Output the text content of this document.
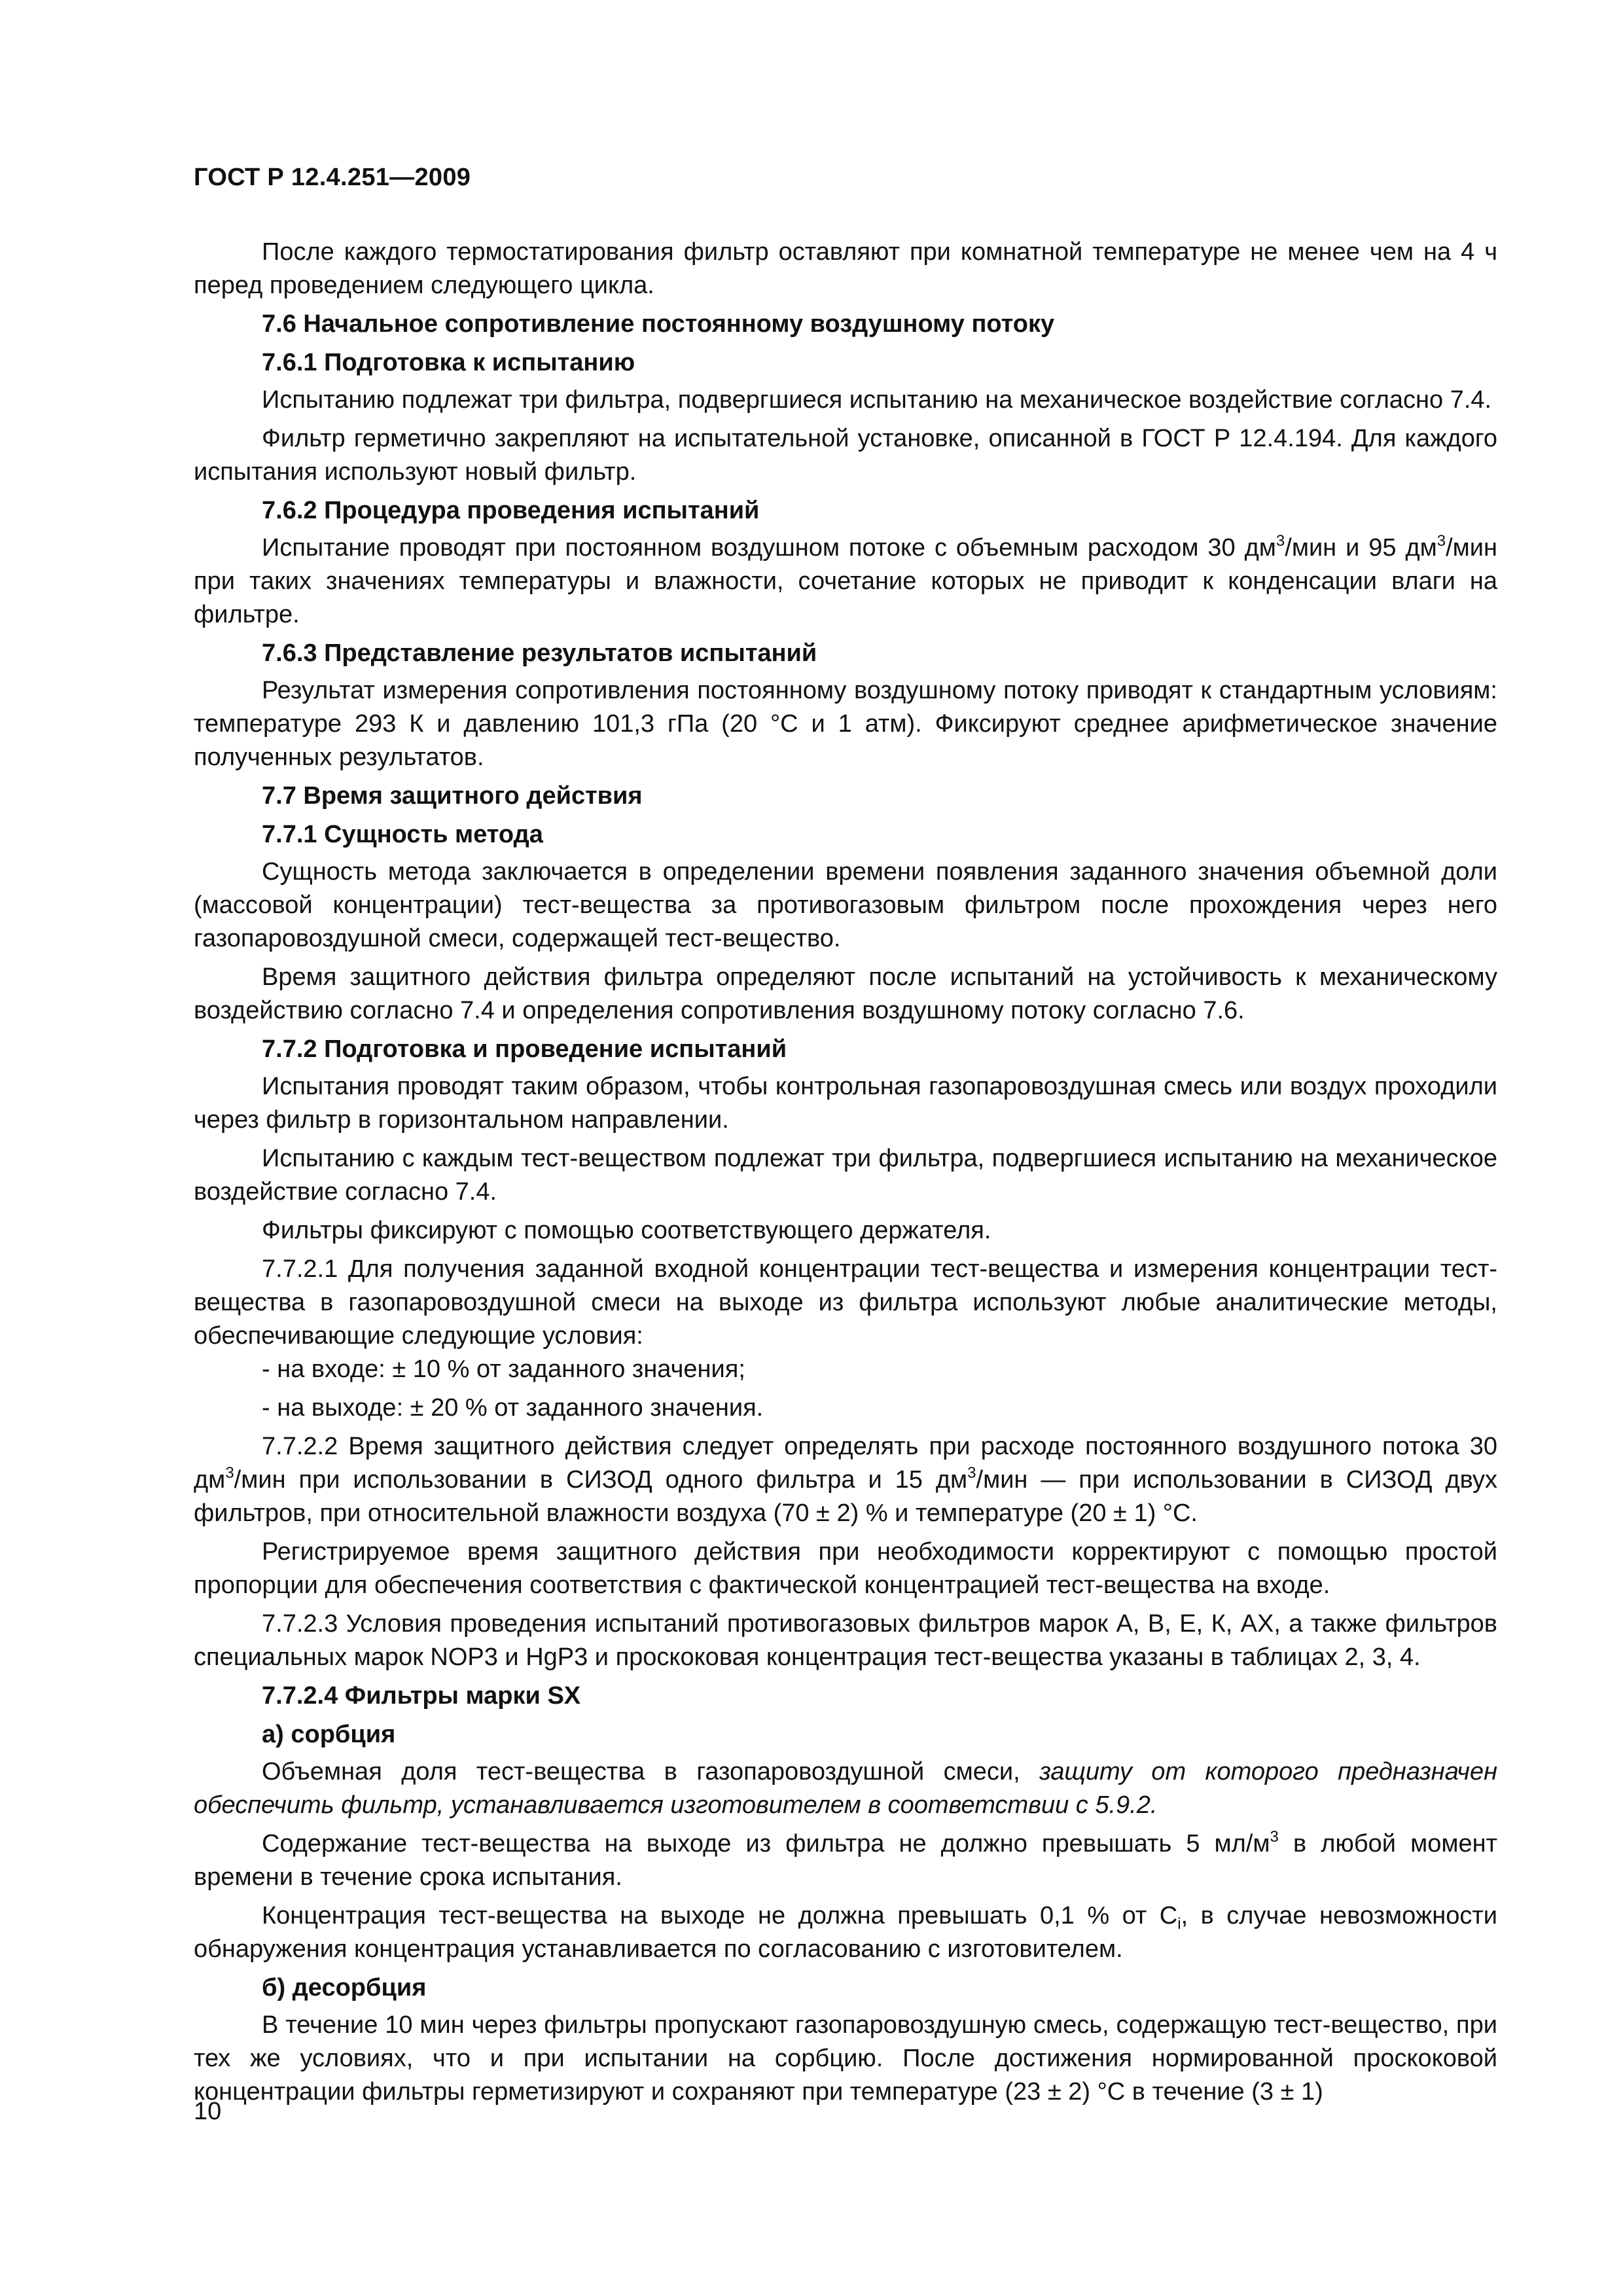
ГОСТ Р 12.4.251—2009

После каждого термостатирования фильтр оставляют при комнатной температуре не менее чем на 4 ч перед проведением следующего цикла.

7.6 Начальное сопротивление постоянному воздушному потоку

7.6.1 Подготовка к испытанию

Испытанию подлежат три фильтра, подвергшиеся испытанию на механическое воздействие согласно 7.4.

Фильтр герметично закрепляют на испытательной установке, описанной в ГОСТ Р 12.4.194. Для каждого испытания используют новый фильтр.

7.6.2 Процедура проведения испытаний

Испытание проводят при постоянном воздушном потоке с объемным расходом 30 $дм^3$/мин и 95 $дм^3$/мин при таких значениях температуры и влажности, сочетание которых не приводит к конденсации влаги на фильтре.

7.6.3 Представление результатов испытаний

Результат измерения сопротивления постоянному воздушному потоку приводят к стандартным условиям: температуре 293 К и давлению 101,3 гПа (20 °С и 1 атм). Фиксируют среднее арифметическое значение полученных результатов.

7.7 Время защитного действия

7.7.1 Сущность метода

Сущность метода заключается в определении времени появления заданного значения объемной доли (массовой концентрации) тест-вещества за противогазовым фильтром после прохождения через него газопаровоздушной смеси, содержащей тест-вещество.

Время защитного действия фильтра определяют после испытаний на устойчивость к механическому воздействию согласно 7.4 и определения сопротивления воздушному потоку согласно 7.6.

7.7.2 Подготовка и проведение испытаний

Испытания проводят таким образом, чтобы контрольная газопаровоздушная смесь или воздух проходили через фильтр в горизонтальном направлении.

Испытанию с каждым тест-веществом подлежат три фильтра, подвергшиеся испытанию на механическое воздействие согласно 7.4.

Фильтры фиксируют с помощью соответствующего держателя.

7.7.2.1 Для получения заданной входной концентрации тест-вещества и измерения концентрации тест-вещества в газопаровоздушной смеси на выходе из фильтра используют любые аналитические методы, обеспечивающие следующие условия:

- на входе: ± 10 % от заданного значения;

- на выходе: ± 20 % от заданного значения.

7.7.2.2 Время защитного действия следует определять при расходе постоянного воздушного потока 30 $дм^3$/мин при использовании в СИЗОД одного фильтра и 15 $дм^3$/мин — при использовании в СИЗОД двух фильтров, при относительной влажности воздуха (70 ± 2) % и температуре (20 ± 1) °С.

Регистрируемое время защитного действия при необходимости корректируют с помощью простой пропорции для обеспечения соответствия с фактической концентрацией тест-вещества на входе.

7.7.2.3 Условия проведения испытаний противогазовых фильтров марок А, В, Е, К, АХ, а также фильтров специальных марок NОР3 и НgР3 и проскоковая концентрация тест-вещества указаны в таблицах 2, 3, 4.

7.7.2.4 Фильтры марки SX

а) сорбция

Объемная доля тест-вещества в газопаровоздушной смеси, защиту от которого предназначен обеспечить фильтр, устанавливается изготовителем в соответствии с 5.9.2.

Содержание тест-вещества на выходе из фильтра не должно превышать 5 $мл/м^3$ в любой момент времени в течение срока испытания.

Концентрация тест-вещества на выходе не должна превышать 0,1 % от $С_i$, в случае невозможности обнаружения концентрация устанавливается по согласованию с изготовителем.

б) десорбция

В течение 10 мин через фильтры пропускают газопаровоздушную смесь, содержащую тест-вещество, при тех же условиях, что и при испытании на сорбцию. После достижения нормированной проскоковой концентрации фильтры герметизируют и сохраняют при температуре (23 ± 2) °С в течение (3 ± 1)

10
